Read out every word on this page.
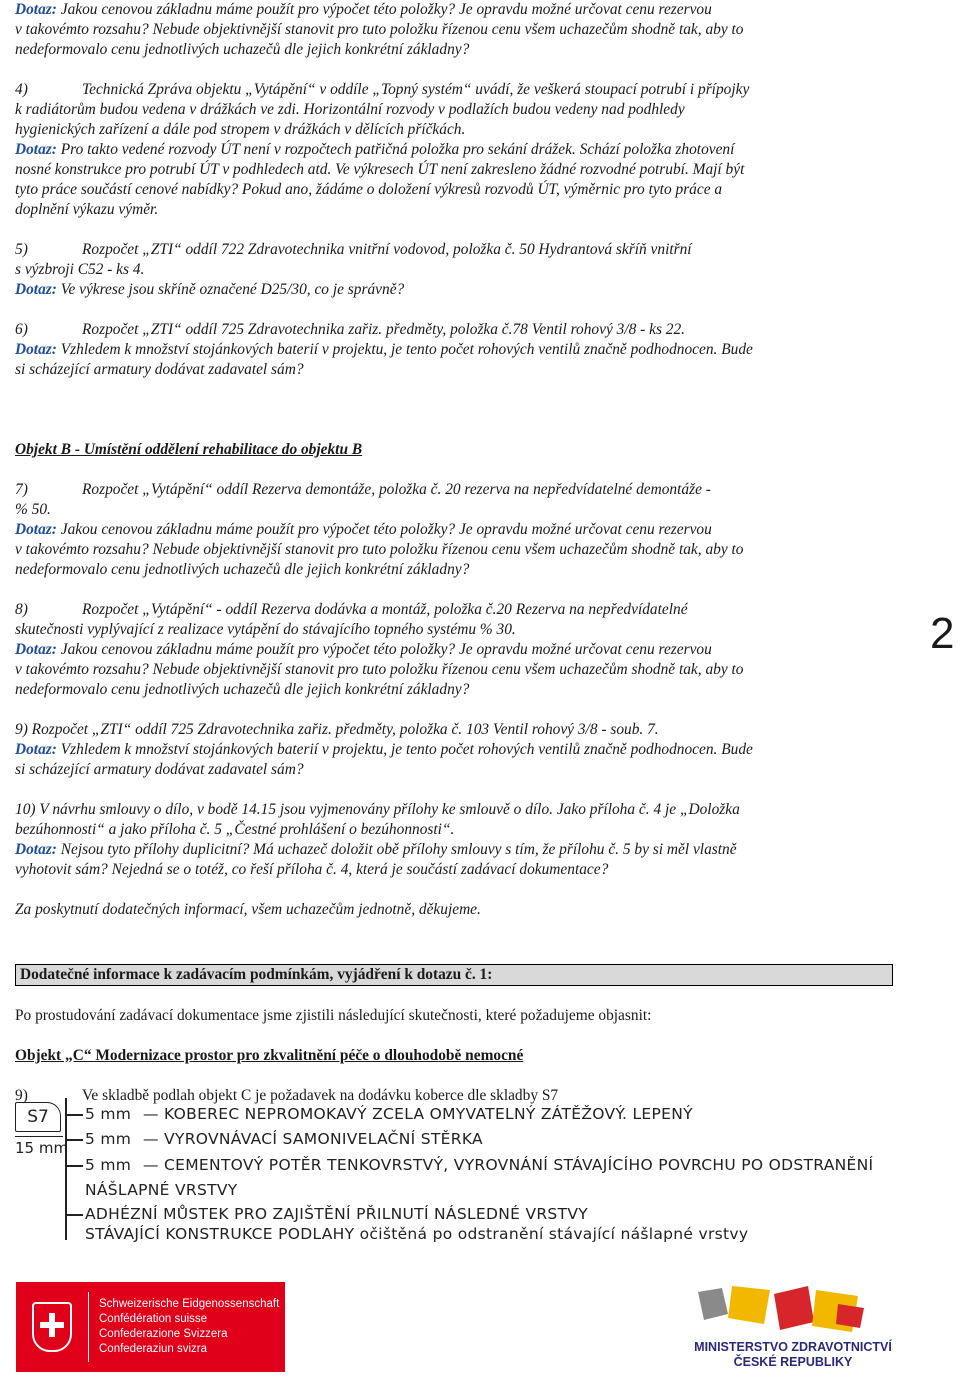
Dotaz: Jakou cenovou základnu máme použít pro výpočet této položky? Je opravdu možné určovat cenu rezervou

v takovémto rozsahu? Nebude objektivnější stanovit pro tuto položku řízenou cenu všem uchazečům shodně tak, aby to

nedeformovalo cenu jednotlivých uchazečů dle jejich konkrétní základny?

4)	Technická Zpráva objektu „Vytápění“ v oddíle „Topný systém“ uvádí, že veškerá stoupací potrubí i přípojky

k radiátorům budou vedena v drážkách ve zdi. Horizontální rozvody v podlažích budou vedeny nad podhledy

hygienických zařízení a dále pod stropem v drážkách v dělících příčkách.

Dotaz: Pro takto vedené rozvody ÚT není v rozpočtech patřičná položka pro sekání drážek. Schází položka zhotovení

nosné konstrukce pro potrubí ÚT v podhledech atd. Ve výkresech ÚT není zakresleno žádné rozvodné potrubí. Mají být

tyto práce součástí cenové nabídky? Pokud ano, žádáme o doložení výkresů rozvodů ÚT, výměrnic pro tyto práce a

doplnění výkazu výměr.

5)	Rozpočet „ZTI“ oddíl 722 Zdravotechnika vnitřní vodovod, položka č. 50 Hydrantová skříň vnitřní

s výzbroji C52 - ks 4.

Dotaz: Ve výkrese jsou skříně označené D25/30, co je správně?

6)	Rozpočet „ZTI“ oddíl 725 Zdravotechnika zařiz. předměty, položka č.78 Ventil rohový 3/8 - ks 22.

Dotaz: Vzhledem k množství stojánkových baterií v projektu, je tento počet rohových ventilů značně podhodnocen. Bude

si scházející armatury dodávat zadavatel sám?

Objekt B - Umístění oddělení rehabilitace do objektu B

7)	Rozpočet „Vytápění“ oddíl Rezerva demontáže, položka č. 20 rezerva na nepředvídatelné demontáže -

% 50.

Dotaz: Jakou cenovou základnu máme použít pro výpočet této položky? Je opravdu možné určovat cenu rezervou

v takovémto rozsahu? Nebude objektivnější stanovit pro tuto položku řízenou cenu všem uchazečům shodně tak, aby to

nedeformovalo cenu jednotlivých uchazečů dle jejich konkrétní základny?

8)	Rozpočet „Vytápění“ - oddíl Rezerva dodávka a montáž, položka č.20 Rezerva na nepředvídatelné

skutečnosti vyplývající z realizace vytápění do stávajícího topného systému % 30.

Dotaz: Jakou cenovou základnu máme použít pro výpočet této položky? Je opravdu možné určovat cenu rezervou

v takovémto rozsahu? Nebude objektivnější stanovit pro tuto položku řízenou cenu všem uchazečům shodně tak, aby to

nedeformovalo cenu jednotlivých uchazečů dle jejich konkrétní základny?

9) Rozpočet „ZTI“ oddíl 725 Zdravotechnika zařiz. předměty, položka č. 103 Ventil rohový 3/8 - soub. 7.

Dotaz: Vzhledem k množství stojánkových baterií v projektu, je tento počet rohových ventilů značně podhodnocen. Bude

si scházející armatury dodávat zadavatel sám?

10) V návrhu smlouvy o dílo, v bodě 14.15 jsou vyjmenovány přílohy ke smlouvě o dílo. Jako příloha č. 4 je „Doložka

bezúhonnosti“ a jako příloha č. 5 „Čestné prohlášení o bezúhonnosti“.

Dotaz: Nejsou tyto přílohy duplicitní? Má uchazeč doložit obě přílohy smlouvy s tím, že přílohu č. 5 by si měl vlastně

vyhotovit sám? Nejedná se o totéž, co řeší příloha č. 4, která je součástí zadávací dokumentace?

Za poskytnutí dodatečných informací, všem uchazečům jednotně, děkujeme.

Dodatečné informace k zadávacím podmínkám, vyjádření k dotazu č. 1:

Po prostudování zadávací dokumentace jsme zjistili následující skutečnosti, které požadujeme objasnit:

Objekt „C“ Modernizace prostor pro zkvalitnění péče o dlouhodobě nemocné

9)	Ve skladbě podlah objekt C je požadavek na dodávku koberce dle skladby S7
2
S7
15 mm
5 mm — KOBEREC NEPROMOKAVÝ ZCELA OMYVATELNÝ ZÁTĚŽOVÝ. LEPENÝ
5 mm — VYROVNÁVACÍ SAMONIVELAČNÍ STĚRKA
5 mm — CEMENTOVÝ POTĚR TENKOVRSTVÝ, VYROVNÁNÍ STÁVAJÍCÍHO POVRCHU PO ODSTRANĚNÍ
NÁŠLAPNÉ VRSTVY
ADHÉZNÍ MŮSTEK PRO ZAJIŠTĚNÍ PŘILNUTÍ NÁSLEDNÉ VRSTVY
STÁVAJÍCÍ KONSTRUKCE PODLAHY očištěná po odstranění stávající nášlapné vrstvy
Schweizerische Eidgenossenschaft
Confédération suisse
Confederazione Svizzera
Confederaziun svizra	MINISTERSTVO ZDRAVOTNICTVÍ
ČESKÉ REPUBLIKY
